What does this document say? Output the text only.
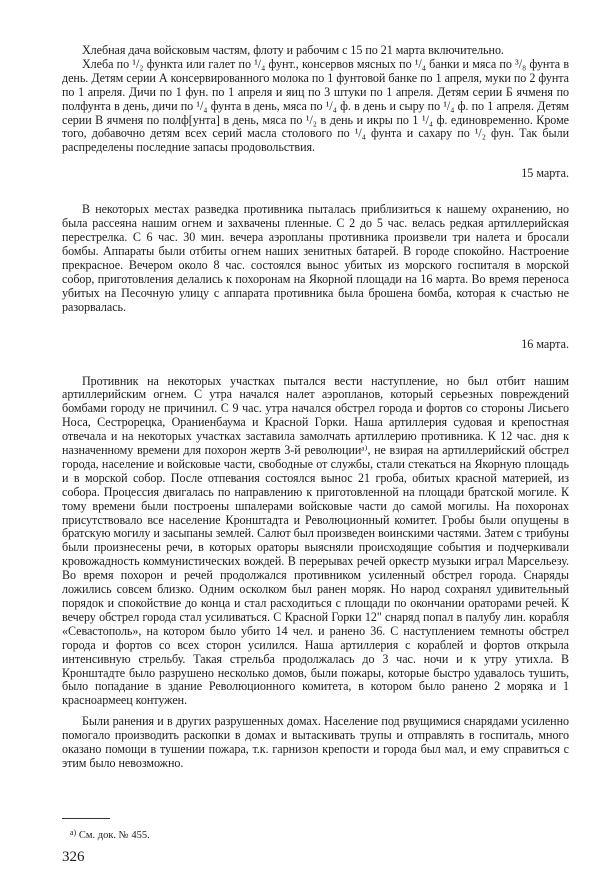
Хлебная дача войсковым частям, флоту и рабочим с 15 по 21 марта включительно.

Хлеба по ¹/₂ функта или галет по ¹/₄ фунт., консервов мясных по ¹/₄ банки и мяса по ³/₈ фунта в день. Детям серии А консервированного молока по 1 фунтовой банке по 1 апреля, муки по 2 фунта по 1 апреля. Дичи по 1 фун. по 1 апреля и яиц по 3 штуки по 1 апреля. Детям серии Б ячменя по полфунта в день, дичи по ¹/₄ фунта в день, мяса по ¹/₄ ф. в день и сыру по ¹/₄ ф. по 1 апреля. Детям серии В ячменя по полф[унта] в день, мяса по ¹/₂ в день и икры по 1 ¹/₄ ф. единовременно. Кроме того, добавочно детям всех серий масла столового по ¹/₄ фунта и сахару по ¹/₂ фун. Так были распределены последние запасы продовольствия.

15 марта.

В некоторых местах разведка противника пыталась приблизиться к нашему охранению, но была рассеяна нашим огнем и захвачены пленные. С 2 до 5 час. велась редкая артиллерийская перестрелка. С 6 час. 30 мин. вечера аэропланы противника произвели три налета и бросали бомбы. Аппараты были отбиты огнем наших зенитных батарей. В городе спокойно. Настроение прекрасное. Вечером около 8 час. состоялся вынос убитых из морского госпиталя в морской собор, приготовления делались к похоронам на Якорной площади на 16 марта. Во время переноса убитых на Песочную улицу с аппарата противника была брошена бомба, которая к счастью не разорвалась.

16 марта.

Противник на некоторых участках пытался вести наступление, но был отбит нашим артиллерийским огнем. С утра начался налет аэропланов, который серьезных повреждений бомбами городу не причинил. С 9 час. утра начался обстрел города и фортов со стороны Лисьего Носа, Сестрорецка, Ораниенбаума и Красной Горки. Наша артиллерия судовая и крепостная отвечала и на некоторых участках заставила замолчать артиллерию противника. К 12 час. дня к назначенному времени для похорон жертв 3-й революцииᵃ⁾, не взирая на артиллерийский обстрел города, население и войсковые части, свободные от службы, стали стекаться на Якорную площадь и в морской собор. После отпевания состоялся вынос 21 гроба, обитых красной материей, из собора. Процессия двигалась по направлению к приготовленной на площади братской могиле. К тому времени были построены шпалерами войсковые части до самой могилы. На похоронах присутствовало все население Кронштадта и Революционный комитет. Гробы были опущены в братскую могилу и засыпаны землей. Салют был произведен воинскими частями. Затем с трибуны были произнесены речи, в которых ораторы выясняли происходящие события и подчеркивали кровожадность коммунистических вождей. В перерывах речей оркестр музыки играл Марсельезу. Во время похорон и речей продолжался противником усиленный обстрел города. Снаряды ложились совсем близко. Одним осколком был ранен моряк. Но народ сохранял удивительный порядок и спокойствие до конца и стал расходиться с площади по окончании ораторами речей. К вечеру обстрел города стал усиливаться. С Красной Горки 12" снаряд попал в палубу лин. корабля «Севастополь», на котором было убито 14 чел. и ранено 36. С наступлением темноты обстрел города и фортов со всех сторон усилился. Наша артиллерия с кораблей и фортов открыла интенсивную стрельбу. Такая стрельба продолжалась до 3 час. ночи и к утру утихла. В Кронштадте было разрушено несколько домов, были пожары, которые быстро удавалось тушить, было попадание в здание Революционного комитета, в котором было ранено 2 моряка и 1 красноармеец контужен.

Были ранения и в других разрушенных домах. Население под рвущимися снарядами усиленно помогало производить раскопки в домах и вытаскивать трупы и отправлять в госпиталь, много оказано помощи в тушении пожара, т.к. гарнизон крепости и города был мал, и ему справиться с этим было невозможно.

$^{а)}$ См. док. № 455.
326
